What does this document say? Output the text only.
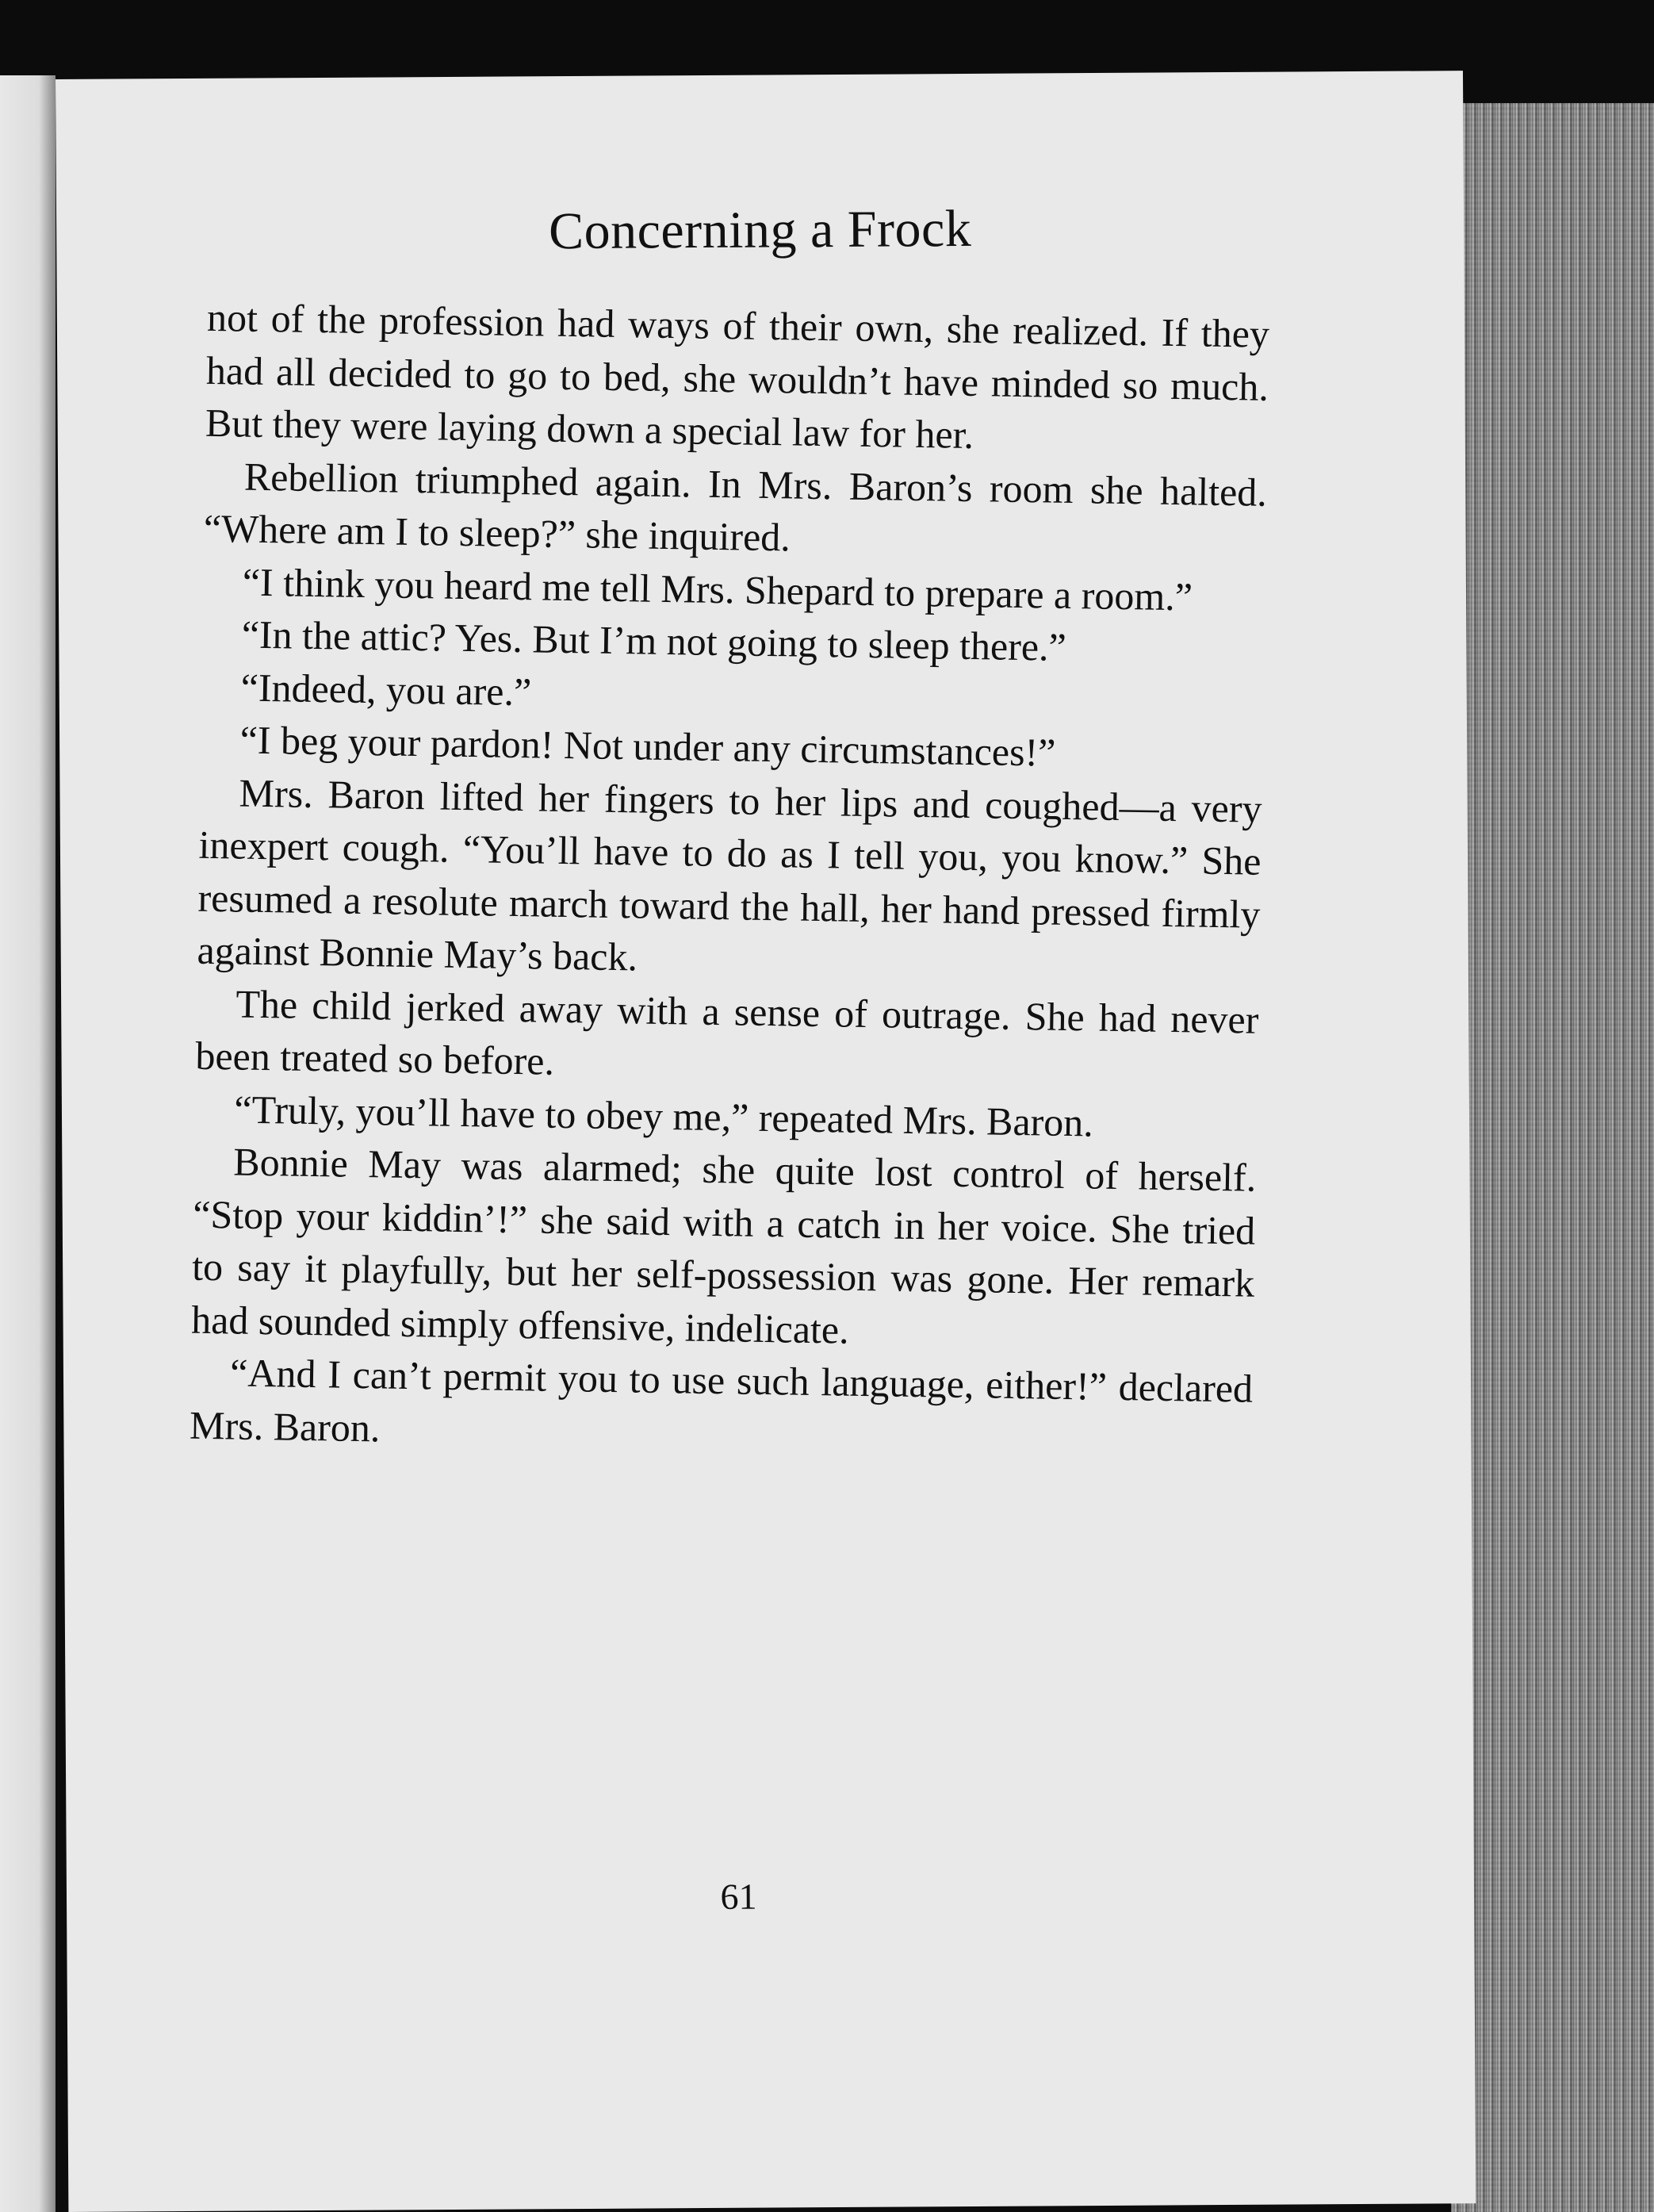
Concerning a Frock

not of the profession had ways of their own, she realized. If they had all decided to go to bed, she wouldn’t have minded so much. But they were laying down a special law for her.

Rebellion triumphed again. In Mrs. Baron’s room she halted. “Where am I to sleep?” she inquired.

“I think you heard me tell Mrs. Shepard to prepare a room.”

“In the attic? Yes. But I’m not going to sleep there.”

“Indeed, you are.”

“I beg your pardon! Not under any circumstances!”

Mrs. Baron lifted her fingers to her lips and coughed—a very inexpert cough. “You’ll have to do as I tell you, you know.” She resumed a resolute march toward the hall, her hand pressed firmly against Bonnie May’s back.

The child jerked away with a sense of outrage. She had never been treated so before.

“Truly, you’ll have to obey me,” repeated Mrs. Baron.

Bonnie May was alarmed; she quite lost control of herself. “Stop your kiddin’!” she said with a catch in her voice. She tried to say it playfully, but her self-possession was gone. Her remark had sounded simply offensive, indelicate.

“And I can’t permit you to use such language, either!” declared Mrs. Baron.

61
